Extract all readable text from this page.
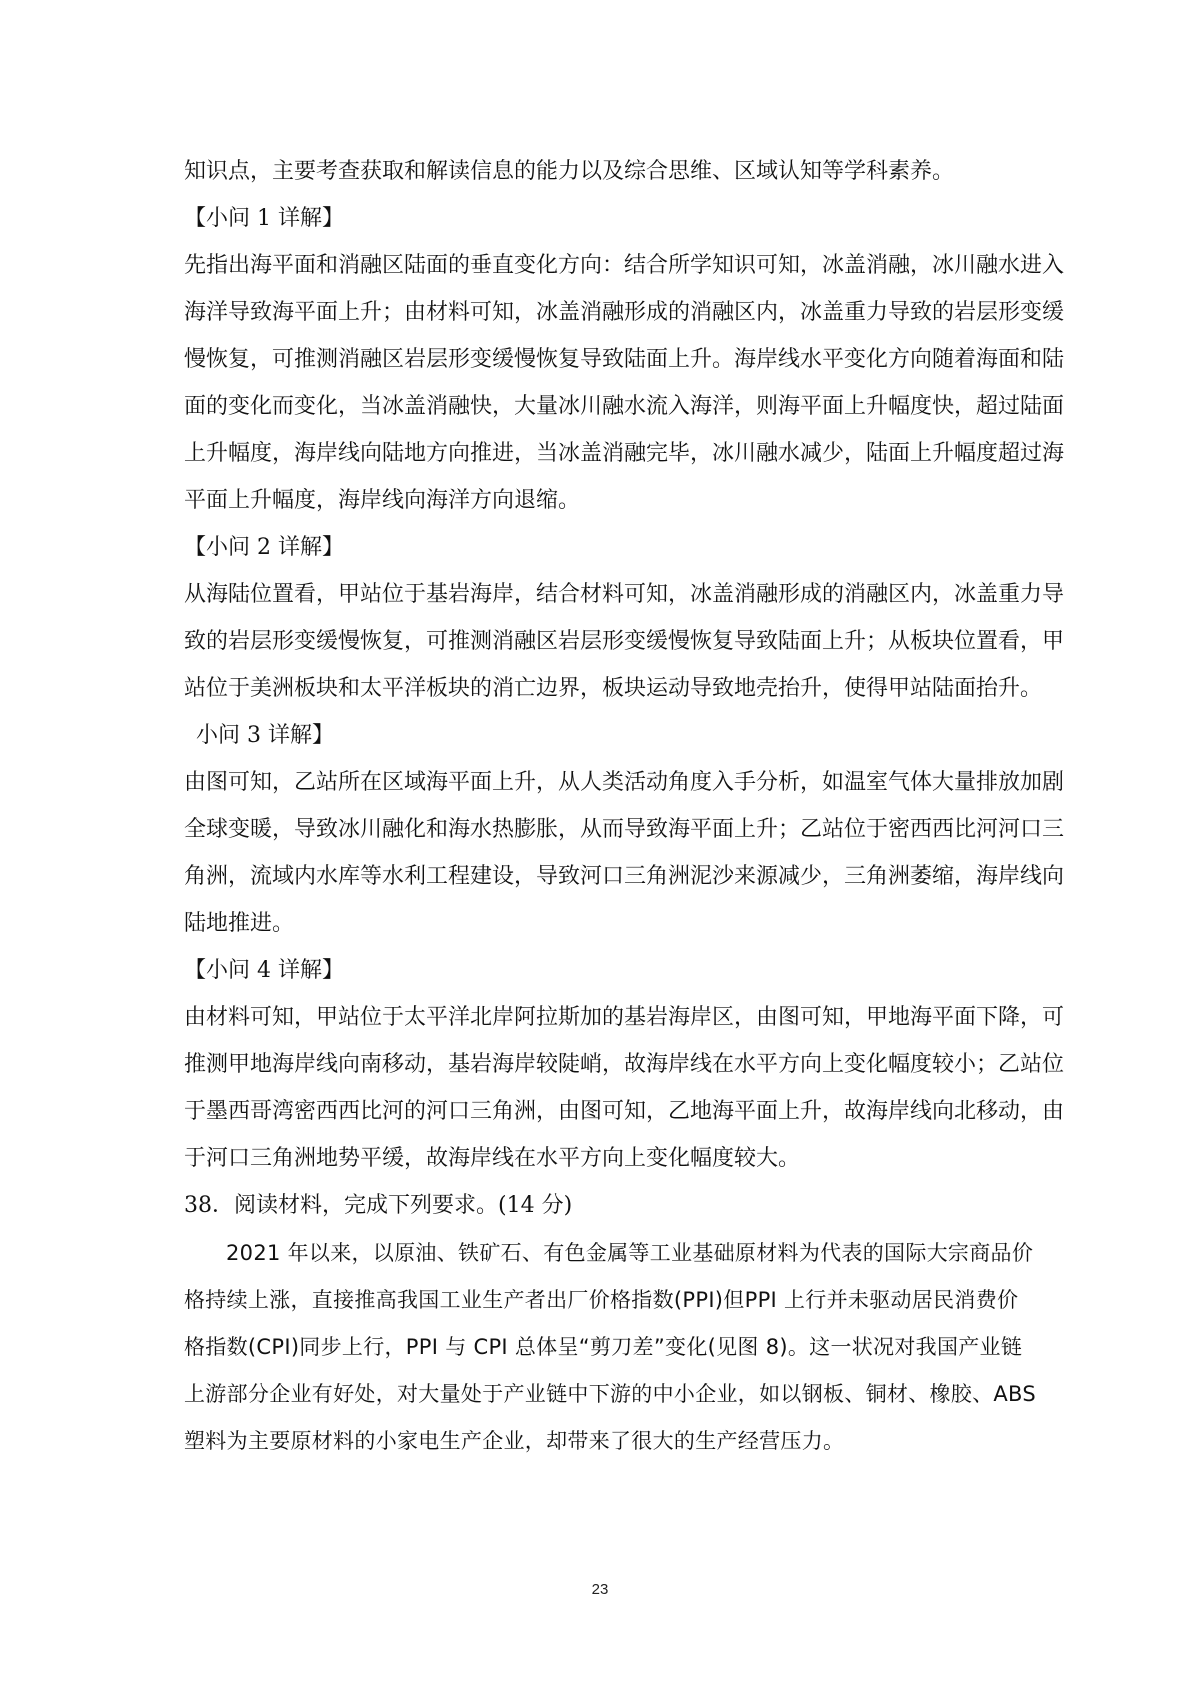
知识点，主要考查获取和解读信息的能力以及综合思维、区域认知等学科素养。
【小问 1 详解】
先指出海平面和消融区陆面的垂直变化方向：结合所学知识可知，冰盖消融，冰川融水进入
海洋导致海平面上升；由材料可知，冰盖消融形成的消融区内，冰盖重力导致的岩层形变缓
慢恢复，可推测消融区岩层形变缓慢恢复导致陆面上升。海岸线水平变化方向随着海面和陆
面的变化而变化，当冰盖消融快，大量冰川融水流入海洋，则海平面上升幅度快，超过陆面
上升幅度，海岸线向陆地方向推进，当冰盖消融完毕，冰川融水减少，陆面上升幅度超过海
平面上升幅度，海岸线向海洋方向退缩。
【小问 2 详解】
从海陆位置看，甲站位于基岩海岸，结合材料可知，冰盖消融形成的消融区内，冰盖重力导
致的岩层形变缓慢恢复，可推测消融区岩层形变缓慢恢复导致陆面上升；从板块位置看，甲
站位于美洲板块和太平洋板块的消亡边界，板块运动导致地壳抬升，使得甲站陆面抬升。
小问 3 详解】
由图可知，乙站所在区域海平面上升，从人类活动角度入手分析，如温室气体大量排放加剧
全球变暖，导致冰川融化和海水热膨胀，从而导致海平面上升；乙站位于密西西比河河口三
角洲，流域内水库等水利工程建设，导致河口三角洲泥沙来源减少，三角洲萎缩，海岸线向
陆地推进。
【小问 4 详解】
由材料可知，甲站位于太平洋北岸阿拉斯加的基岩海岸区，由图可知，甲地海平面下降，可
推测甲地海岸线向南移动，基岩海岸较陡峭，故海岸线在水平方向上变化幅度较小；乙站位
于墨西哥湾密西西比河的河口三角洲，由图可知，乙地海平面上升，故海岸线向北移动，由
于河口三角洲地势平缓，故海岸线在水平方向上变化幅度较大。
38．阅读材料，完成下列要求。(14 分)
2021 年以来，以原油、铁矿石、有色金属等工业基础原材料为代表的国际大宗商品价
格持续上涨，直接推高我国工业生产者出厂价格指数(PPI)但PPI 上行并未驱动居民消费价
格指数(CPI)同步上行，PPI 与 CPI 总体呈“剪刀差”变化(见图 8)。这一状况对我国产业链
上游部分企业有好处，对大量处于产业链中下游的中小企业，如以钢板、铜材、橡胶、ABS
塑料为主要原材料的小家电生产企业，却带来了很大的生产经营压力。
23
